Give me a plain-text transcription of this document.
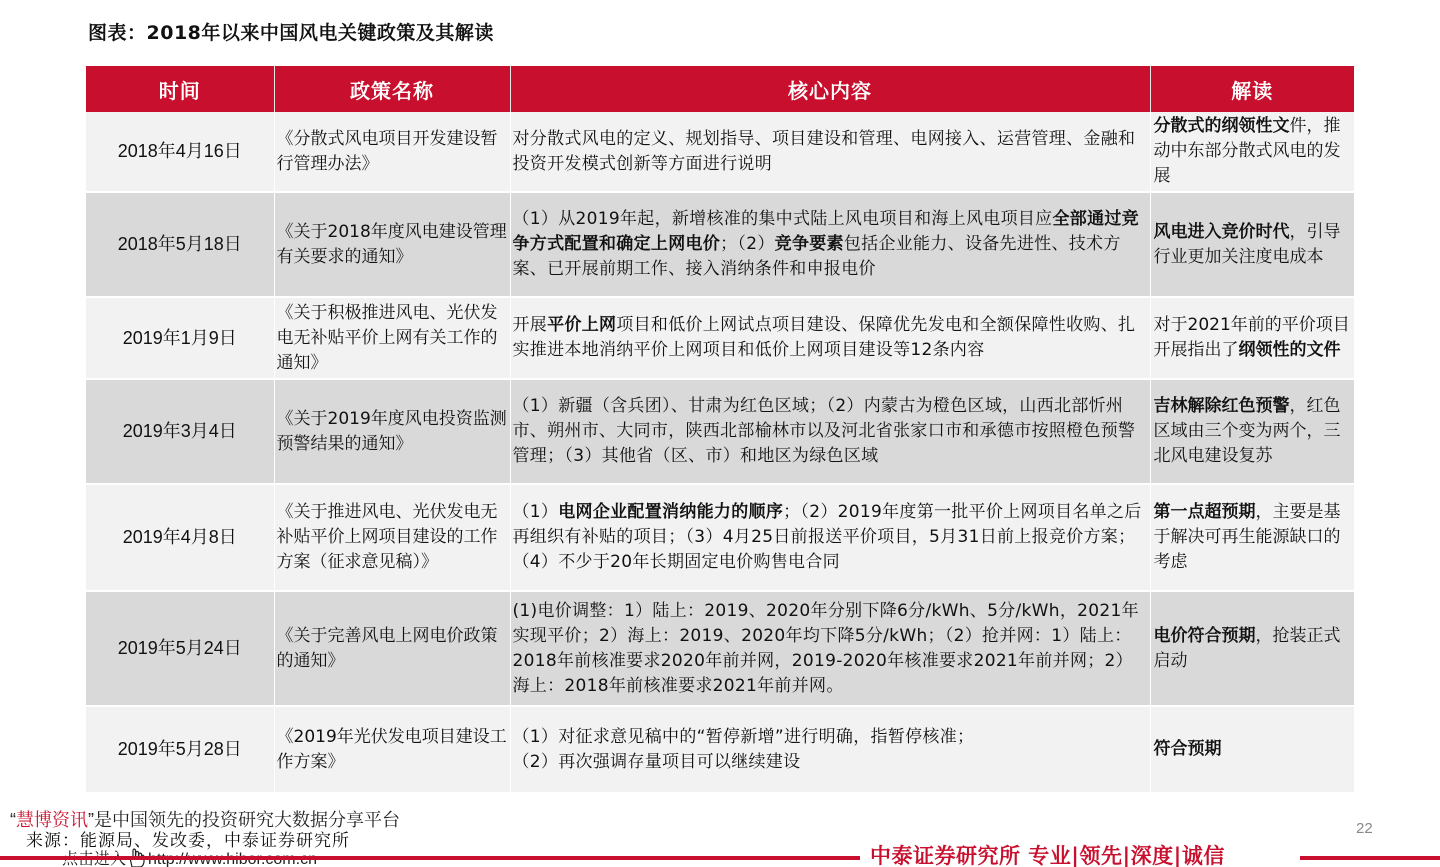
图表：2018年以来中国风电关键政策及其解读
时间	政策名称	核心内容	解读
2018年4月16日	《分散式风电项目开发建设暂行管理办法》	对分散式风电的定义、规划指导、项目建设和管理、电网接入、运营管理、金融和投资开发模式创新等方面进行说明	分散式的纲领性文件，推动中东部分散式风电的发展
2018年5月18日	《关于2018年度风电建设管理有关要求的通知》	（1）从2019年起，新增核准的集中式陆上风电项目和海上风电项目应全部通过竞争方式配置和确定上网电价；（2）竞争要素包括企业能力、设备先进性、技术方案、已开展前期工作、接入消纳条件和申报电价	风电进入竞价时代，引导行业更加关注度电成本
2019年1月9日	《关于积极推进风电、光伏发电无补贴平价上网有关工作的通知》	开展平价上网项目和低价上网试点项目建设、保障优先发电和全额保障性收购、扎实推进本地消纳平价上网项目和低价上网项目建设等12条内容	对于2021年前的平价项目开展指出了纲领性的文件
2019年3月4日	《关于2019年度风电投资监测预警结果的通知》	（1）新疆（含兵团）、甘肃为红色区域；（2）内蒙古为橙色区域，山西北部忻州市、朔州市、大同市，陕西北部榆林市以及河北省张家口市和承德市按照橙色预警管理；（3）其他省（区、市）和地区为绿色区域	吉林解除红色预警，红色区域由三个变为两个，三北风电建设复苏
2019年4月8日	《关于推进风电、光伏发电无补贴平价上网项目建设的工作方案（征求意见稿）》	（1）电网企业配置消纳能力的顺序；（2）2019年度第一批平价上网项目名单之后再组织有补贴的项目；（3）4月25日前报送平价项目，5月31日前上报竞价方案；（4）不少于20年长期固定电价购售电合同	第一点超预期，主要是基于解决可再生能源缺口的考虑
2019年5月24日	《关于完善风电上网电价政策的通知》	(1)电价调整：1）陆上：2019、2020年分别下降6分/kWh、5分/kWh，2021年实现平价；2）海上：2019、2020年均下降5分/kWh；（2）抢并网：1）陆上：2018年前核准要求2020年前并网，2019-2020年核准要求2021年前并网；2）海上：2018年前核准要求2021年前并网。	电价符合预期，抢装正式启动
2019年5月28日	《2019年光伏发电项目建设工作方案》	（1）对征求意见稿中的“暂停新增”进行明确，指暂停核准；
（2）再次强调存量项目可以继续建设	符合预期
“慧博资讯”是中国领先的投资研究大数据分享平台
来源：能源局、发改委，中泰证券研究所
22
中泰证券研究所 专业|领先|深度|诚信
